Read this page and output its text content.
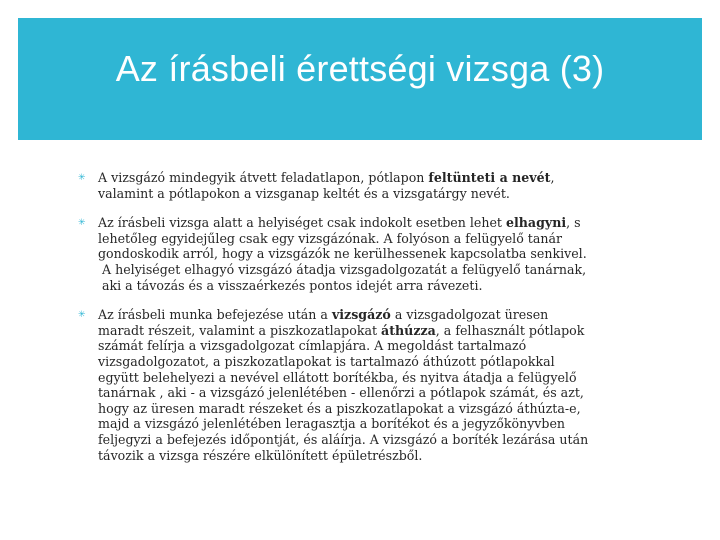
Az írásbeli érettségi vizsga (3)
✳ A vizsgázó mindegyik átvett feladatlapon, pótlapon feltünteti a nevét,
valamint a pótlapokon a vizsganap keltét és a vizsgatárgy nevét.
✳ Az írásbeli vizsga alatt a helyiséget csak indokolt esetben lehet elhagyni, s
lehetőleg egyidejűleg csak egy vizsgázónak. A folyóson a felügyelő tanár
gondoskodik arról, hogy a vizsgázók ne kerülhessenek kapcsolatba senkivel.
A helyiséget elhagyó vizsgázó átadja vizsgadolgozatát a felügyelő tanárnak,
aki a távozás és a visszaérkezés pontos idejét arra rávezeti.
✳ Az írásbeli munka befejezése után a vizsgázó a vizsgadolgozat üresen
maradt részeit, valamint a piszkozatlapokat áthúzza, a felhasznált pótlapok
számát felírja a vizsgadolgozat címlapjára. A megoldást tartalmazó
vizsgadolgozatot, a piszkozatlapokat is tartalmazó áthúzott pótlapokkal
együtt belehelyezi a nevével ellátott borítékba, és nyitva átadja a felügyelő
tanárnak , aki - a vizsgázó jelenlétében - ellenőrzi a pótlapok számát, és azt,
hogy az üresen maradt részeket és a piszkozatlapokat a vizsgázó áthúzta-e,
majd a vizsgázó jelenlétében leragasztja a borítékot és a jegyzőkönyvben
feljegyzi a befejezés időpontját, és aláírja. A vizsgázó a boríték lezárása után
távozik a vizsga részére elkülönített épületrészből.
